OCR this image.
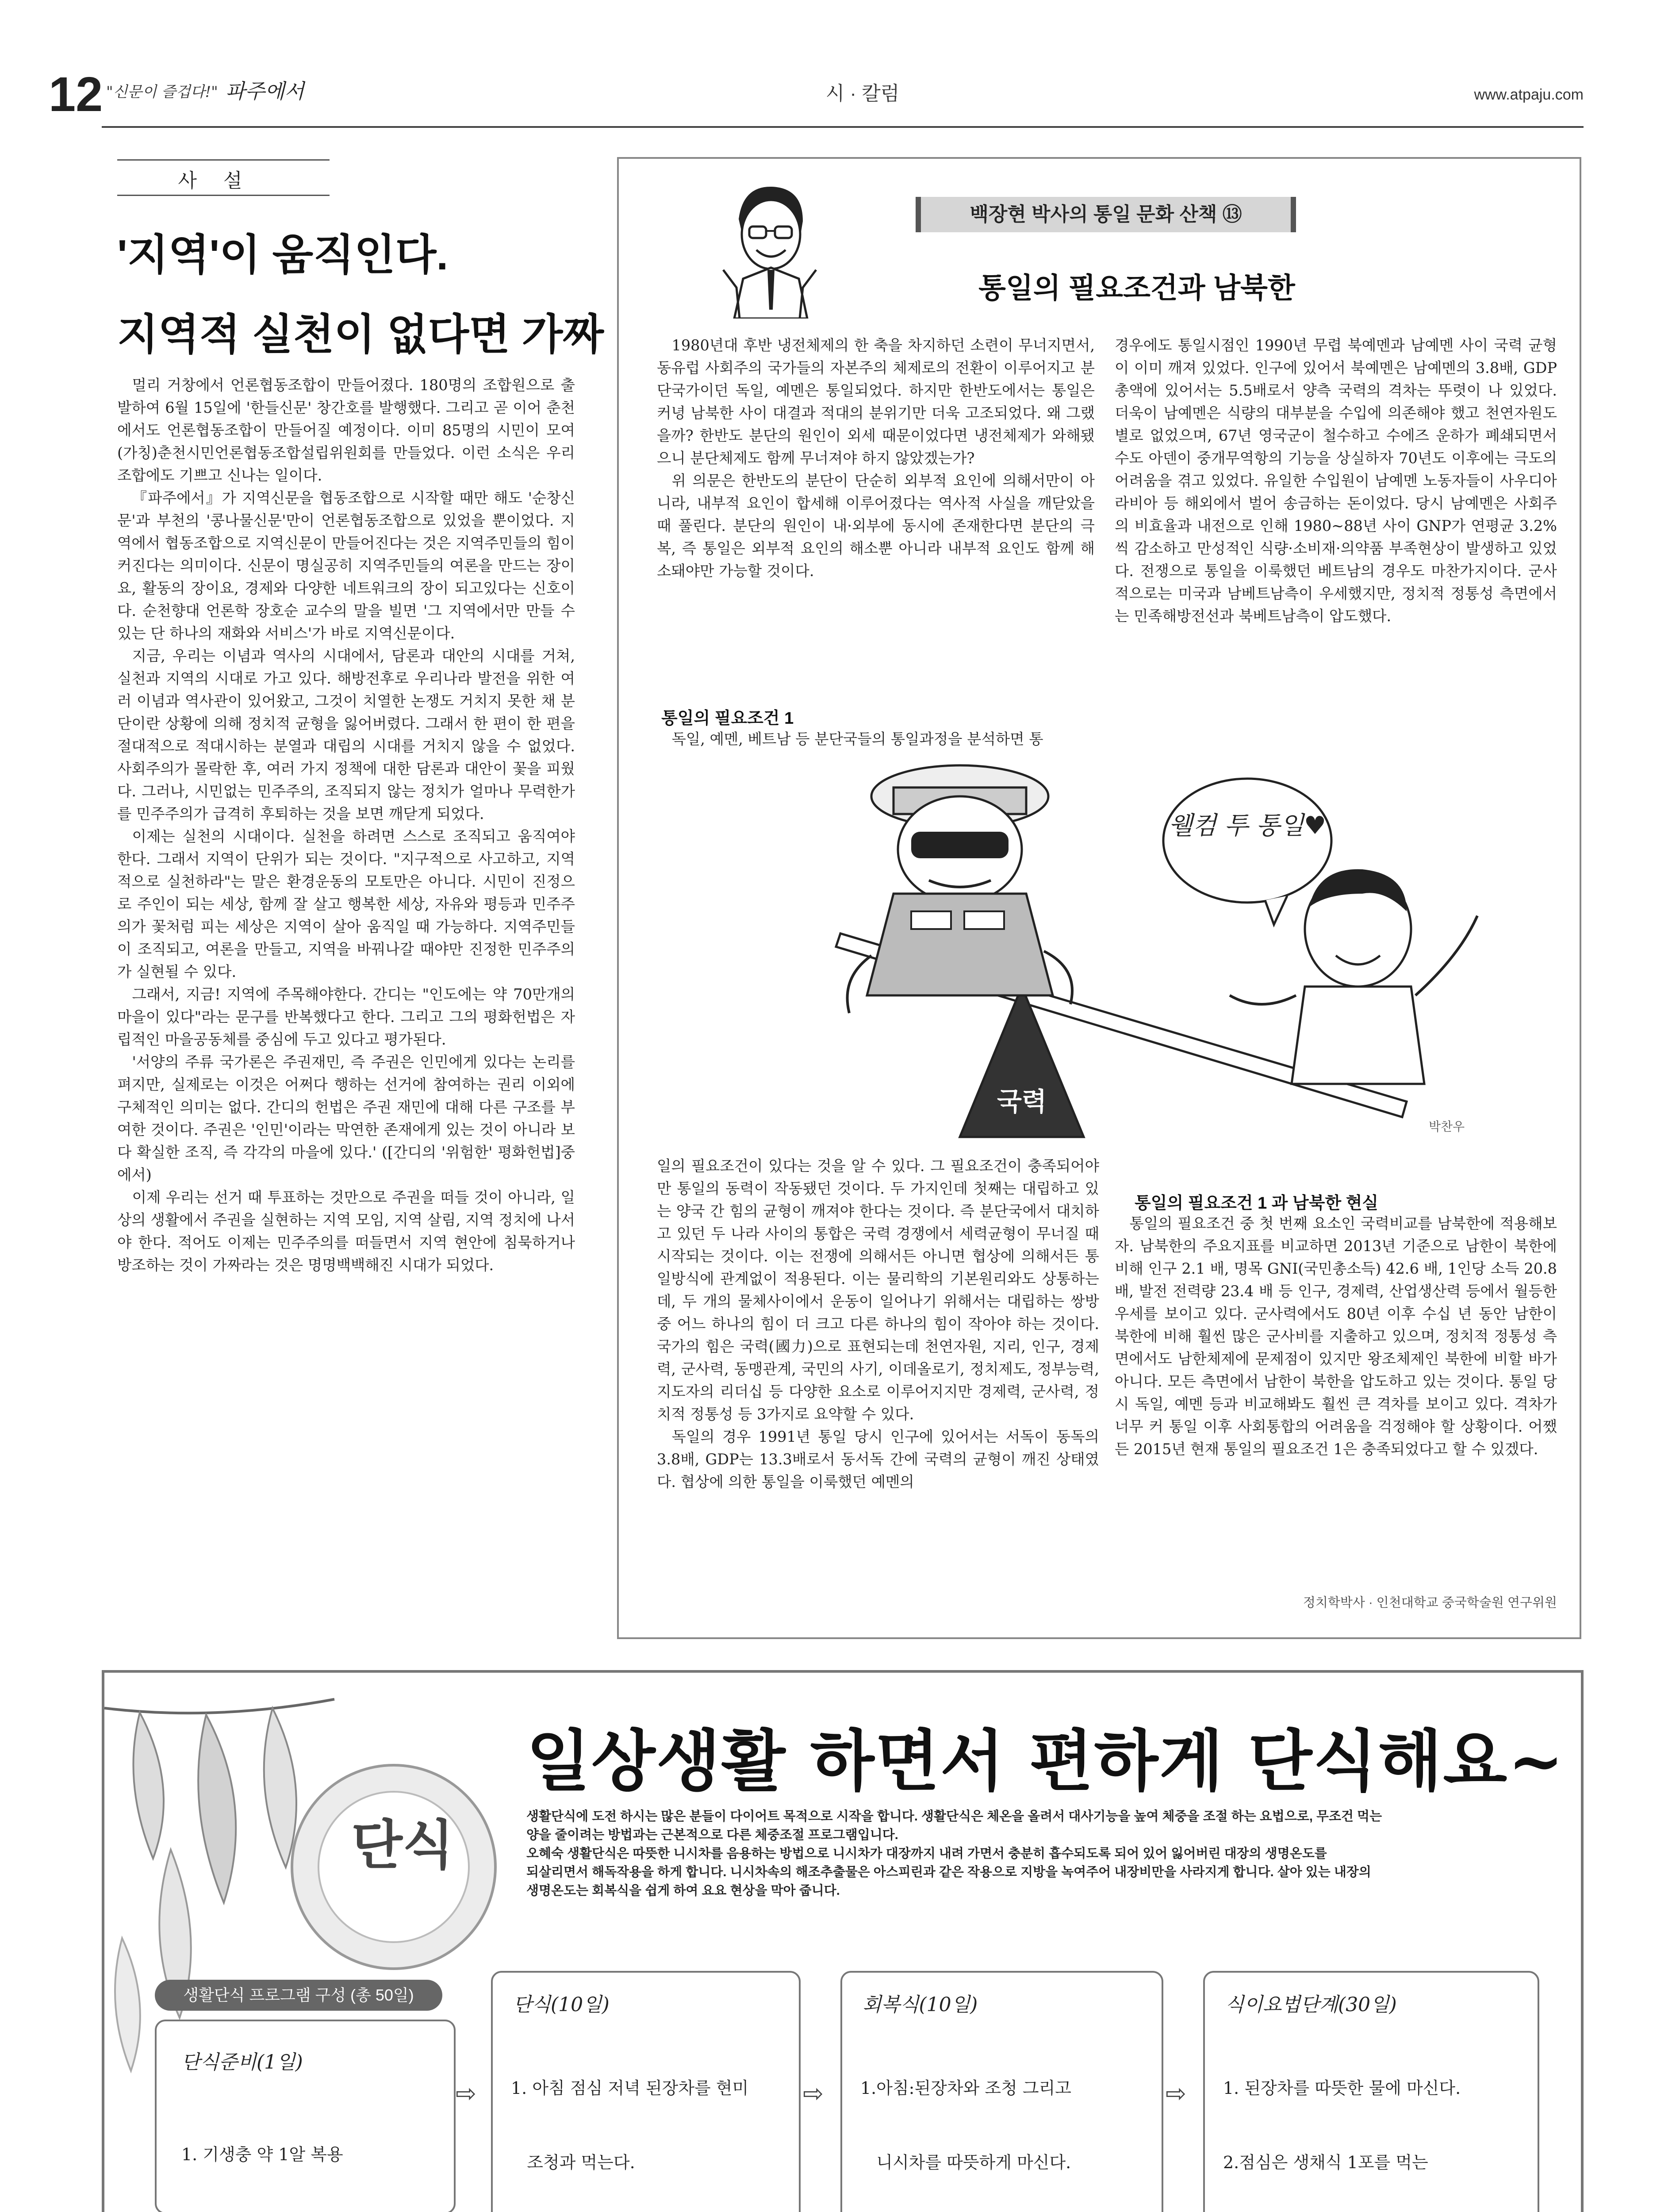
12 "신문이 즐겁다!" 파주에서	시 · 칼럼	www.atpaju.com
사설
'지역'이 움직인다.
지역적 실천이 없다면 가짜

멀리 거창에서 언론협동조합이 만들어졌다. 180명의 조합원으로 출발하여 6월 15일에 '한들신문' 창간호를 발행했다. 그리고 곧 이어 춘천에서도 언론협동조합이 만들어질 예정이다. 이미 85명의 시민이 모여 (가칭)춘천시민언론협동조합설립위원회를 만들었다. 이런 소식은 우리 조합에도 기쁘고 신나는 일이다.

『파주에서』가 지역신문을 협동조합으로 시작할 때만 해도 '순창신문'과 부천의 '콩나물신문'만이 언론협동조합으로 있었을 뿐이었다. 지역에서 협동조합으로 지역신문이 만들어진다는 것은 지역주민들의 힘이 커진다는 의미이다. 신문이 명실공히 지역주민들의 여론을 만드는 장이요, 활동의 장이요, 경제와 다양한 네트워크의 장이 되고있다는 신호이다. 순천향대 언론학 장호순 교수의 말을 빌면 '그 지역에서만 만들 수 있는 단 하나의 재화와 서비스'가 바로 지역신문이다.

지금, 우리는 이념과 역사의 시대에서, 담론과 대안의 시대를 거쳐, 실천과 지역의 시대로 가고 있다. 해방전후로 우리나라 발전을 위한 여러 이념과 역사관이 있어왔고, 그것이 치열한 논쟁도 거치지 못한 채 분단이란 상황에 의해 정치적 균형을 잃어버렸다. 그래서 한 편이 한 편을 절대적으로 적대시하는 분열과 대립의 시대를 거치지 않을 수 없었다. 사회주의가 몰락한 후, 여러 가지 정책에 대한 담론과 대안이 꽃을 피웠다. 그러나, 시민없는 민주주의, 조직되지 않는 정치가 얼마나 무력한가를 민주주의가 급격히 후퇴하는 것을 보면 깨닫게 되었다.

이제는 실천의 시대이다. 실천을 하려면 스스로 조직되고 움직여야 한다. 그래서 지역이 단위가 되는 것이다. "지구적으로 사고하고, 지역적으로 실천하라"는 말은 환경운동의 모토만은 아니다. 시민이 진정으로 주인이 되는 세상, 함께 잘 살고 행복한 세상, 자유와 평등과 민주주의가 꽃처럼 피는 세상은 지역이 살아 움직일 때 가능하다. 지역주민들이 조직되고, 여론을 만들고, 지역을 바꿔나갈 때야만 진정한 민주주의가 실현될 수 있다.

그래서, 지금! 지역에 주목해야한다. 간디는 "인도에는 약 70만개의 마을이 있다"라는 문구를 반복했다고 한다. 그리고 그의 평화헌법은 자립적인 마을공동체를 중심에 두고 있다고 평가된다.

'서양의 주류 국가론은 주권재민, 즉 주권은 인민에게 있다는 논리를 펴지만, 실제로는 이것은 어쩌다 행하는 선거에 참여하는 권리 이외에 구체적인 의미는 없다. 간디의 헌법은 주권 재민에 대해 다른 구조를 부여한 것이다. 주권은 '인민'이라는 막연한 존재에게 있는 것이 아니라 보다 확실한 조직, 즉 각각의 마을에 있다.' ([간디의 '위험한' 평화헌법]중에서)

이제 우리는 선거 때 투표하는 것만으로 주권을 떠들 것이 아니라, 일상의 생활에서 주권을 실현하는 지역 모임, 지역 살림, 지역 정치에 나서야 한다. 적어도 이제는 민주주의를 떠들면서 지역 현안에 침묵하거나 방조하는 것이 가짜라는 것은 명명백백해진 시대가 되었다.

백장현 박사의 통일 문화 산책 ⑬
통일의 필요조건과 남북한

1980년대 후반 냉전체제의 한 축을 차지하던 소련이 무너지면서, 동유럽 사회주의 국가들의 자본주의 체제로의 전환이 이루어지고 분단국가이던 독일, 예멘은 통일되었다. 하지만 한반도에서는 통일은 커녕 남북한 사이 대결과 적대의 분위기만 더욱 고조되었다. 왜 그랬을까? 한반도 분단의 원인이 외세 때문이었다면 냉전체제가 와해됐으니 분단체제도 함께 무너져야 하지 않았겠는가?

위 의문은 한반도의 분단이 단순히 외부적 요인에 의해서만이 아니라, 내부적 요인이 합세해 이루어졌다는 역사적 사실을 깨닫았을 때 풀린다. 분단의 원인이 내·외부에 동시에 존재한다면 분단의 극복, 즉 통일은 외부적 요인의 해소뿐 아니라 내부적 요인도 함께 해소돼야만 가능할 것이다.

통일의 필요조건 1
독일, 예멘, 베트남 등 분단국들의 통일과정을 분석하면 통
경우에도 통일시점인 1990년 무렵 북예멘과 남예멘 사이 국력 균형이 이미 깨져 있었다. 인구에 있어서 북예멘은 남예멘의 3.8배, GDP 총액에 있어서는 5.5배로서 양측 국력의 격차는 뚜렷이 나 있었다. 더욱이 남예멘은 식량의 대부분을 수입에 의존해야 했고 천연자원도 별로 없었으며, 67년 영국군이 철수하고 수에즈 운하가 폐쇄되면서 수도 아덴이 중개무역항의 기능을 상실하자 70년도 이후에는 극도의 어려움을 겪고 있었다. 유일한 수입원이 남예멘 노동자들이 사우디아라비아 등 해외에서 벌어 송금하는 돈이었다. 당시 남예멘은 사회주의 비효율과 내전으로 인해 1980~88년 사이 GNP가 연평균 3.2%씩 감소하고 만성적인 식량·소비재·의약품 부족현상이 발생하고 있었다. 전쟁으로 통일을 이룩했던 베트남의 경우도 마찬가지이다. 군사적으로는 미국과 남베트남측이 우세했지만, 정치적 정통성 측면에서는 민족해방전선과 북베트남측이 압도했다.
국력
웰컴 투 통일♥
박찬우

일의 필요조건이 있다는 것을 알 수 있다. 그 필요조건이 충족되어야만 통일의 동력이 작동됐던 것이다. 두 가지인데 첫째는 대립하고 있는 양국 간 힘의 균형이 깨져야 한다는 것이다. 즉 분단국에서 대치하고 있던 두 나라 사이의 통합은 국력 경쟁에서 세력균형이 무너질 때 시작되는 것이다. 이는 전쟁에 의해서든 아니면 협상에 의해서든 통일방식에 관계없이 적용된다. 이는 물리학의 기본원리와도 상통하는데, 두 개의 물체사이에서 운동이 일어나기 위해서는 대립하는 쌍방 중 어느 하나의 힘이 더 크고 다른 하나의 힘이 작아야 하는 것이다. 국가의 힘은 국력(國力)으로 표현되는데 천연자원, 지리, 인구, 경제력, 군사력, 동맹관계, 국민의 사기, 이데올로기, 정치제도, 정부능력, 지도자의 리더십 등 다양한 요소로 이루어지지만 경제력, 군사력, 정치적 정통성 등 3가지로 요약할 수 있다.

독일의 경우 1991년 통일 당시 인구에 있어서는 서독이 동독의 3.8배, GDP는 13.3배로서 동서독 간에 국력의 균형이 깨진 상태였다. 협상에 의한 통일을 이룩했던 예멘의

통일의 필요조건 1 과 남북한 현실
통일의 필요조건 중 첫 번째 요소인 국력비교를 남북한에 적용해보자. 남북한의 주요지표를 비교하면 2013년 기준으로 남한이 북한에 비해 인구 2.1 배, 명목 GNI(국민총소득) 42.6 배, 1인당 소득 20.8 배, 발전 전력량 23.4 배 등 인구, 경제력, 산업생산력 등에서 월등한 우세를 보이고 있다. 군사력에서도 80년 이후 수십 년 동안 남한이 북한에 비해 훨씬 많은 군사비를 지출하고 있으며, 정치적 정통성 측면에서도 남한체제에 문제점이 있지만 왕조체제인 북한에 비할 바가 아니다. 모든 측면에서 남한이 북한을 압도하고 있는 것이다. 통일 당시 독일, 예멘 등과 비교해봐도 훨씬 큰 격차를 보이고 있다. 격차가 너무 커 통일 이후 사회통합의 어려움을 걱정해야 할 상황이다. 어쨌든 2015년 현재 통일의 필요조건 1은 충족되었다고 할 수 있겠다.
정치학박사 · 인천대학교 중국학술원 연구위원
단식
일상생활 하면서 편하게 단식해요~

생활단식에 도전 하시는 많은 분들이 다이어트 목적으로 시작을 합니다. 생활단식은 체온을 올려서 대사기능을 높여 체중을 조절 하는 요법으로, 무조건 먹는

양을 줄이려는 방법과는 근본적으로 다른 체중조절 프로그램입니다.

오혜숙 생활단식은 따뜻한 니시차를 음용하는 방법으로 니시차가 대장까지 내려 가면서 충분히 흡수되도록 되어 있어 잃어버린 대장의 생명온도를

되살리면서 해독작용을 하게 합니다. 니시차속의 해조추출물은 아스피린과 같은 작용으로 지방을 녹여주어 내장비만을 사라지게 합니다. 살아 있는 내장의

생명온도는 회복식을 쉽게 하여 요요 현상을 막아 줍니다.

생활단식 프로그램 구성 (총 50일)
단식준비(1일)

1. 기생충 약 1알 복용

⇨
단식(10일)

1. 아침 점심 저녁 된장차를 현미

조청과 먹는다.

⇨
회복식(10일)

1.아침:된장차와 조청 그리고

니시차를 따뜻하게 마신다.

⇨
식이요법단계(30일)

1. 된장차를 따뜻한 물에 마신다.

2.점심은 생채식 1포를 먹는
